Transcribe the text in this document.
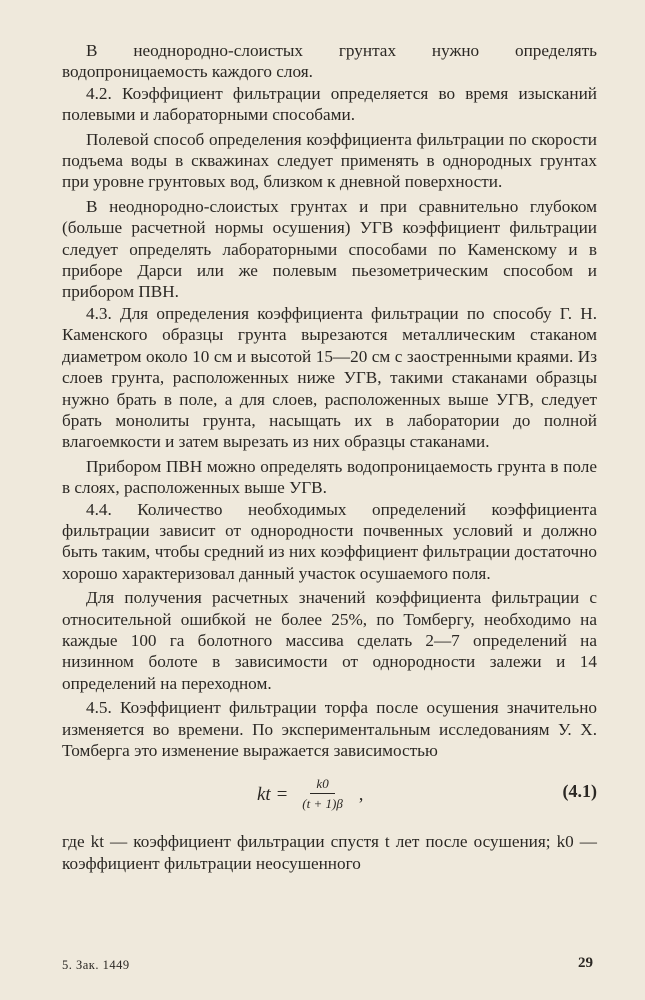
В неоднородно-слоистых грунтах нужно определять водопроницаемость каждого слоя.

4.2. Коэффициент фильтрации определяется во время изысканий полевыми и лабораторными способами.

Полевой способ определения коэффициента фильтрации по скорости подъема воды в скважинах следует применять в однородных грунтах при уровне грунтовых вод, близком к дневной поверхности.

В неоднородно-слоистых грунтах и при сравнительно глубоком (больше расчетной нормы осушения) УГВ коэффициент фильтрации следует определять лабораторными способами по Каменскому и в приборе Дарси или же полевым пьезометрическим способом и прибором ПВН.

4.3. Для определения коэффициента фильтрации по способу Г. Н. Каменского образцы грунта вырезаются металлическим стаканом диаметром около 10 см и высотой 15—20 см с заостренными краями. Из слоев грунта, расположенных ниже УГВ, такими стаканами образцы нужно брать в поле, а для слоев, расположенных выше УГВ, следует брать монолиты грунта, насыщать их в лаборатории до полной влагоемкости и затем вырезать из них образцы стаканами.

Прибором ПВН можно определять водопроницаемость грунта в поле в слоях, расположенных выше УГВ.

4.4. Количество необходимых определений коэффициента фильтрации зависит от однородности почвенных условий и должно быть таким, чтобы средний из них коэффициент фильтрации достаточно хорошо характеризовал данный участок осушаемого поля.

Для получения расчетных значений коэффициента фильтрации с относительной ошибкой не более 25%, по Томбергу, необходимо на каждые 100 га болотного массива сделать 2—7 определений на низинном болоте в зависимости от однородности залежи и 14 определений на переходном.

4.5. Коэффициент фильтрации торфа после осушения значительно изменяется во времени. По экспериментальным исследованиям У. Х. Томберга это изменение выражается зависимостью

kt = $\frac{k0}{(t + 1)\beta}$ ,	(4.1)

где kt — коэффициент фильтрации спустя t лет после осушения; k0 — коэффициент фильтрации неосушенного

5. Зак. 1449	29
